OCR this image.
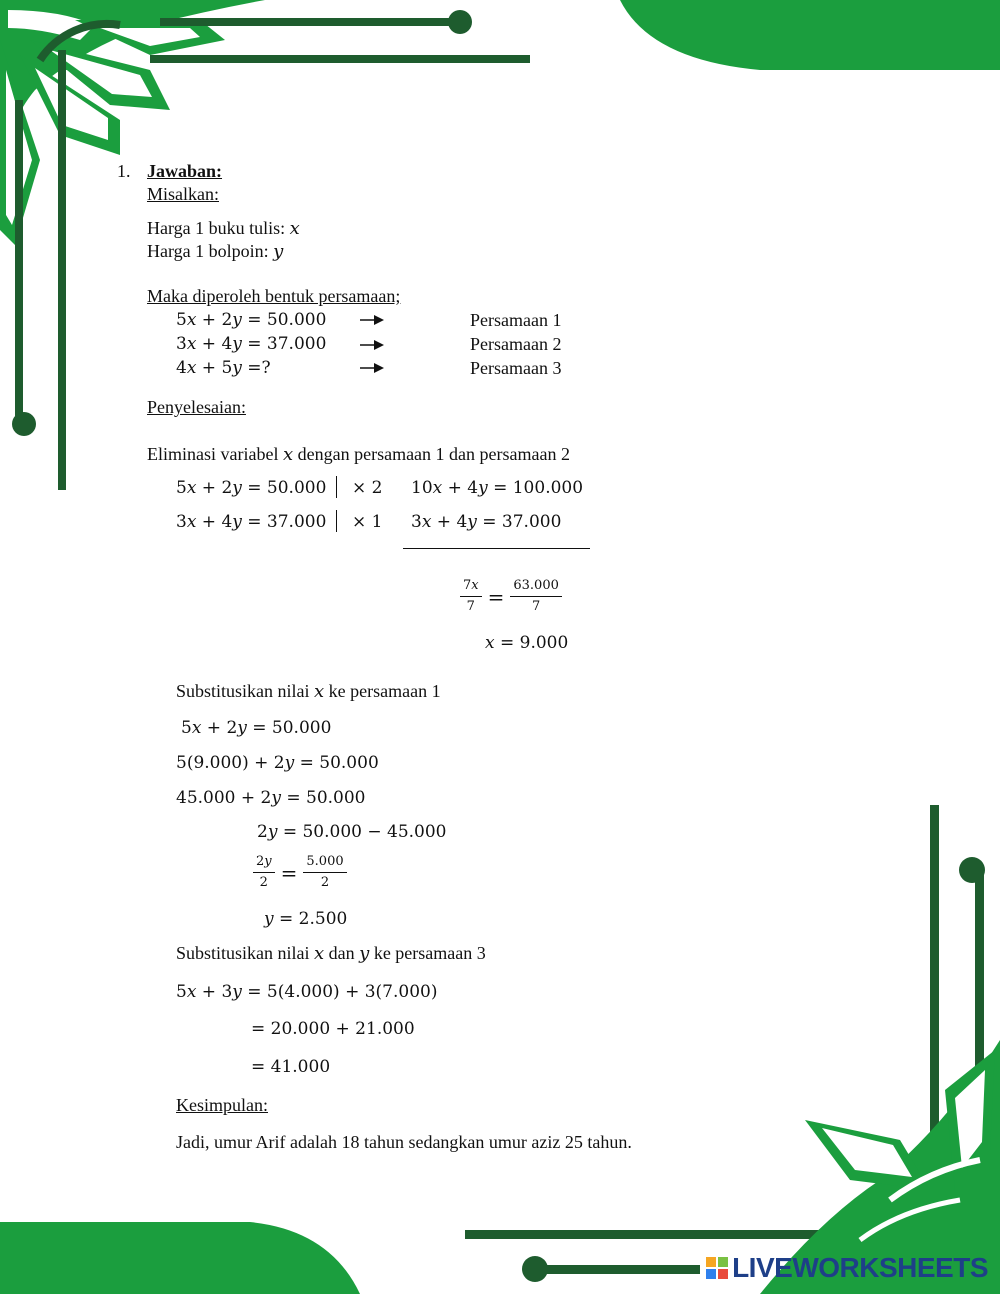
1. Jawaban:
Misalkan:
Harga 1 buku tulis: 𝑥
Harga 1 bolpoin: 𝑦
Maka diperoleh bentuk persamaan;
5𝑥 + 2𝑦 = 50.000	Persamaan 1
3𝑥 + 4𝑦 = 37.000	Persamaan 2
4𝑥 + 5𝑦 =?	Persamaan 3
Penyelesaian:
Eliminasi variabel 𝑥 dengan persamaan 1 dan persamaan 2
5𝑥 + 2𝑦 = 50.000 × 2 10𝑥 + 4𝑦 = 100.000
3𝑥 + 4𝑦 = 37.000 × 1 3𝑥 + 4𝑦 = 37.000
$\frac{\text{7𝑥}}{7} = \frac{63.000}{7}$
𝑥 = 9.000
Substitusikan nilai 𝑥 ke persamaan 1
5𝑥 + 2𝑦 = 50.000
5(9.000) + 2𝑦 = 50.000
45.000 + 2𝑦 = 50.000
2𝑦 = 50.000 − 45.000
$\frac{\text{2𝑦}}{2} = \frac{5.000}{2}$
𝑦 = 2.500
Substitusikan nilai 𝑥 dan 𝑦 ke persamaan 3
5𝑥 + 3𝑦 = 5(4.000) + 3(7.000)
= 20.000 + 21.000
= 41.000
Kesimpulan:
Jadi, umur Arif adalah 18 tahun sedangkan umur aziz 25 tahun.
LIVEWORKSHEETS
